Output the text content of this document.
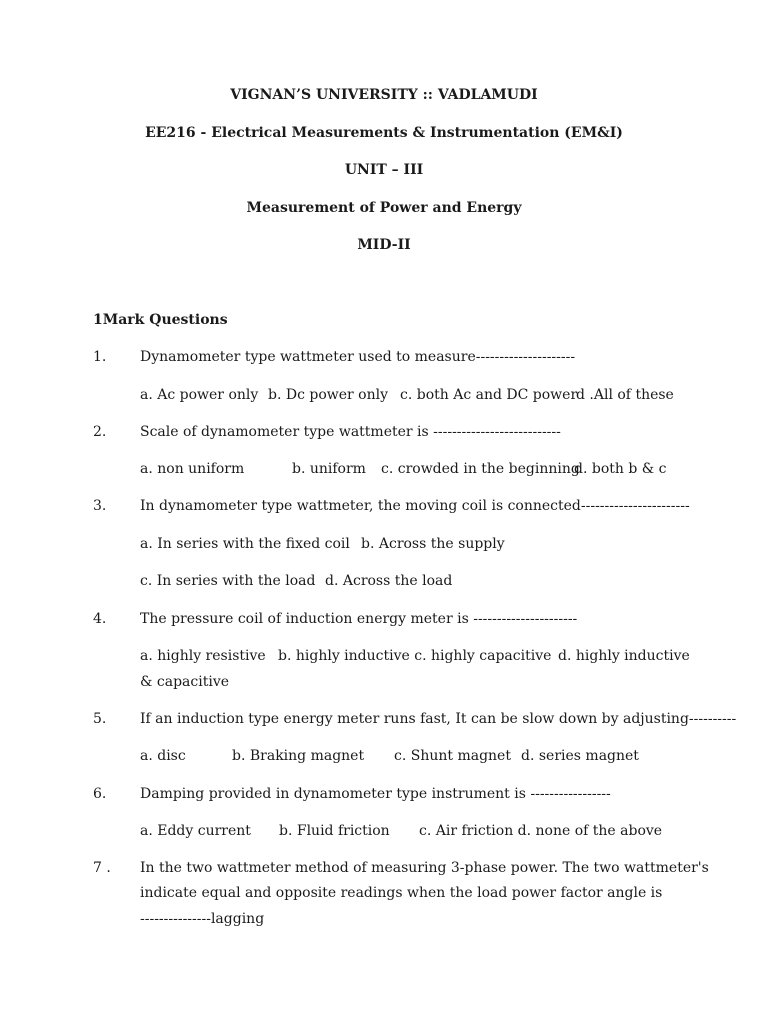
VIGNAN’S UNIVERSITY :: VADLAMUDI
EE216 - Electrical Measurements & Instrumentation (EM&I)
UNIT – III
Measurement of Power and Energy
MID-II
1Mark Questions
1. Dynamometer type wattmeter used to measure---------------------
a. Ac power only b. Dc power only c. both Ac and DC power
d .All of these
2. Scale of dynamometer type wattmeter is ---------------------------
a. non uniform	b. uniform c. crowded in the beginning
d. both b & c
3. In dynamometer type wattmeter, the moving coil is connected-----------------------
a. In series with the fixed coil b. Across the supply
c. In series with the load d. Across the load
4. The pressure coil of induction energy meter is ----------------------
a. highly resistive b. highly inductive c. highly capacitive d. highly inductive
& capacitive
5. If an induction type energy meter runs fast, It can be slow down by adjusting----------
a. disc	b. Braking magnet c. Shunt magnet d. series magnet
6. Damping provided in dynamometer type instrument is -----------------
a. Eddy current b. Fluid friction c. Air friction d. none of the above
7 . In the two wattmeter method of measuring 3-phase power. The two wattmeter's
indicate equal and opposite readings when the load power factor angle is
---------------lagging
